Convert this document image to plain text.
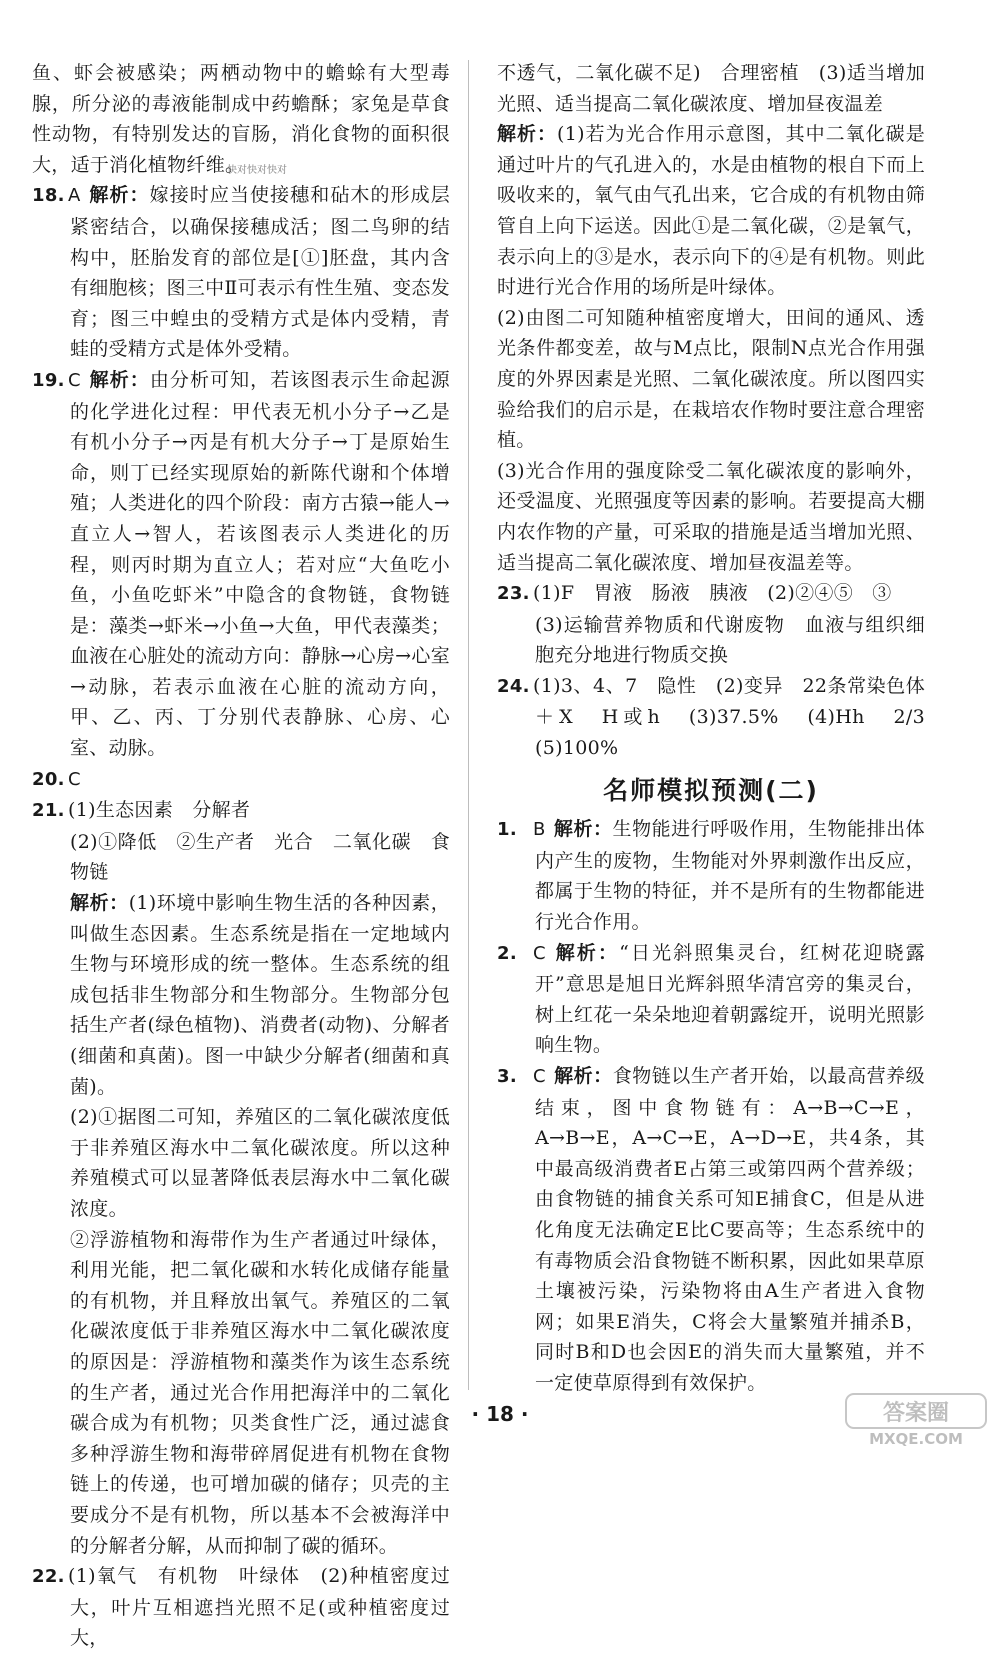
鱼、虾会被感染；两栖动物中的蟾蜍有大型毒腺，所分泌的毒液能制成中药蟾酥；家兔是草食性动物，有特别发达的盲肠，消化食物的面积很大，适于消化植物纤维。

18. A 解析：嫁接时应当使接穗和砧木的形成层紧密结合，以确保接穗成活；图二鸟卵的结构中，胚胎发育的部位是[①]胚盘，其内含有细胞核；图三中Ⅱ可表示有性生殖、变态发育；图三中蝗虫的受精方式是体内受精，青蛙的受精方式是体外受精。

19. C 解析：由分析可知，若该图表示生命起源的化学进化过程：甲代表无机小分子→乙是有机小分子→丙是有机大分子→丁是原始生命，则丁已经实现原始的新陈代谢和个体增殖；人类进化的四个阶段：南方古猿→能人→直立人→智人，若该图表示人类进化的历程，则丙时期为直立人；若对应“大鱼吃小鱼，小鱼吃虾米”中隐含的食物链，食物链是：藻类→虾米→小鱼→大鱼，甲代表藻类；血液在心脏处的流动方向：静脉→心房→心室→动脉，若表示血液在心脏的流动方向，甲、乙、丙、丁分别代表静脉、心房、心室、动脉。

20. C

21. (1)生态因素　分解者

(2)①降低　②生产者　光合　二氧化碳　食物链

解析：(1)环境中影响生物生活的各种因素，叫做生态因素。生态系统是指在一定地域内生物与环境形成的统一整体。生态系统的组成包括非生物部分和生物部分。生物部分包括生产者(绿色植物)、消费者(动物)、分解者(细菌和真菌)。图一中缺少分解者(细菌和真菌)。

(2)①据图二可知，养殖区的二氧化碳浓度低于非养殖区海水中二氧化碳浓度。所以这种养殖模式可以显著降低表层海水中二氧化碳浓度。

②浮游植物和海带作为生产者通过叶绿体，利用光能，把二氧化碳和水转化成储存能量的有机物，并且释放出氧气。养殖区的二氧化碳浓度低于非养殖区海水中二氧化碳浓度的原因是：浮游植物和藻类作为该生态系统的生产者，通过光合作用把海洋中的二氧化碳合成为有机物；贝类食性广泛，通过滤食多种浮游生物和海带碎屑促进有机物在食物链上的传递，也可增加碳的储存；贝壳的主要成分不是有机物，所以基本不会被海洋中的分解者分解，从而抑制了碳的循环。

22. (1)氧气　有机物　叶绿体　(2)种植密度过大，叶片互相遮挡光照不足(或种植密度过大，

不透气，二氧化碳不足)　合理密植　(3)适当增加光照、适当提高二氧化碳浓度、增加昼夜温差

解析：(1)若为光合作用示意图，其中二氧化碳是通过叶片的气孔进入的，水是由植物的根自下而上吸收来的，氧气由气孔出来，它合成的有机物由筛管自上向下运送。因此①是二氧化碳，②是氧气，表示向上的③是水，表示向下的④是有机物。则此时进行光合作用的场所是叶绿体。

(2)由图二可知随种植密度增大，田间的通风、透光条件都变差，故与M点比，限制N点光合作用强度的外界因素是光照、二氧化碳浓度。所以图四实验给我们的启示是，在栽培农作物时要注意合理密植。

(3)光合作用的强度除受二氧化碳浓度的影响外，还受温度、光照强度等因素的影响。若要提高大棚内农作物的产量，可采取的措施是适当增加光照、适当提高二氧化碳浓度、增加昼夜温差等。

23. (1)F　胃液　肠液　胰液　(2)②④⑤　③

(3)运输营养物质和代谢废物　血液与组织细胞充分地进行物质交换

24. (1)3、4、7　隐性　(2)变异　22条常染色体＋X　H或h　(3)37.5%　(4)Hh　2/3　(5)100%

名师模拟预测(二)

1. B 解析：生物能进行呼吸作用，生物能排出体内产生的废物，生物能对外界刺激作出反应，都属于生物的特征，并不是所有的生物都能进行光合作用。

2. C 解析：“日光斜照集灵台，红树花迎晓露开”意思是旭日光辉斜照华清宫旁的集灵台，树上红花一朵朵地迎着朝露绽开，说明光照影响生物。

3. C 解析：食物链以生产者开始，以最高营养级结束，图中食物链有：A→B→C→E，A→B→E，A→C→E，A→D→E，共4条，其中最高级消费者E占第三或第四两个营养级；由食物链的捕食关系可知E捕食C，但是从进化角度无法确定E比C要高等；生态系统中的有毒物质会沿食物链不断积累，因此如果草原土壤被污染，污染物将由A生产者进入食物网；如果E消失，C将会大量繁殖并捕杀B，同时B和D也会因E的消失而大量繁殖，并不一定使草原得到有效保护。

快对快对快对
· 18 ·	答案圈
MXQE.COM
